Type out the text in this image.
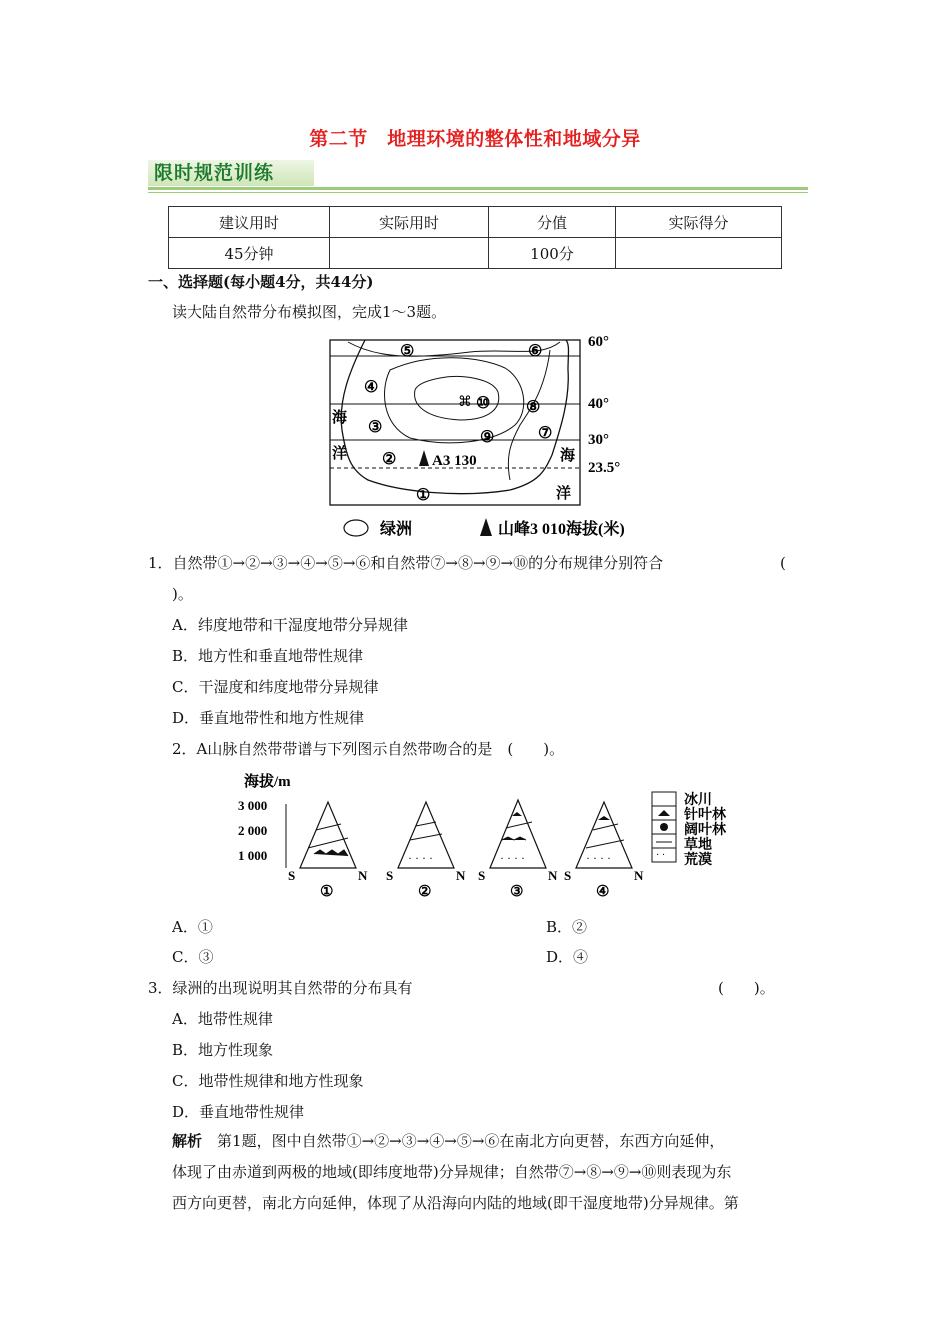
第二节　地理环境的整体性和地域分异
限时规范训练
建议用时	实际用时	分值	实际得分
45分钟		100分	
一、选择题(每小题4分，共44分)
读大陆自然带分布模拟图，完成1～3题。
⌘
⑤	⑥
④
⑩ ⑧
③	⑦
⑨
②
①
海
洋	海
洋
A3 130
60°
40°
30°
23.5°
绿洲	山峰3 010海拔(米)
1．自然带①→②→③→④→⑤→⑥和自然带⑦→⑧→⑨→⑩的分布规律分别符合	(
)。
A．纬度地带和干湿度地带分异规律
B．地方性和垂直地带性规律
C．干湿度和纬度地带分异规律
D．垂直地带性和地方性规律
2．A山脉自然带带谱与下列图示自然带吻合的是　(　　)。
海拔/m
3 000
2 000
1 000
S	N
①
· · · ·
S	N
②
· · · ·
S	N
③
· · · ·
S	N
④
· ·
冰川
针叶林
阔叶林
草地
荒漠
A．①	B．②
C．③	D．④
3．绿洲的出现说明其自然带的分布具有	(　　)。
A．地带性规律
B．地方性现象
C．地带性规律和地方性现象
D．垂直地带性规律
解析　 第1题，图中自然带①→②→③→④→⑤→⑥在南北方向更替，东西方向延伸，
体现了由赤道到两极的地域(即纬度地带)分异规律；自然带⑦→⑧→⑨→⑩则表现为东
西方向更替，南北方向延伸，体现了从沿海向内陆的地域(即干湿度地带)分异规律。第
